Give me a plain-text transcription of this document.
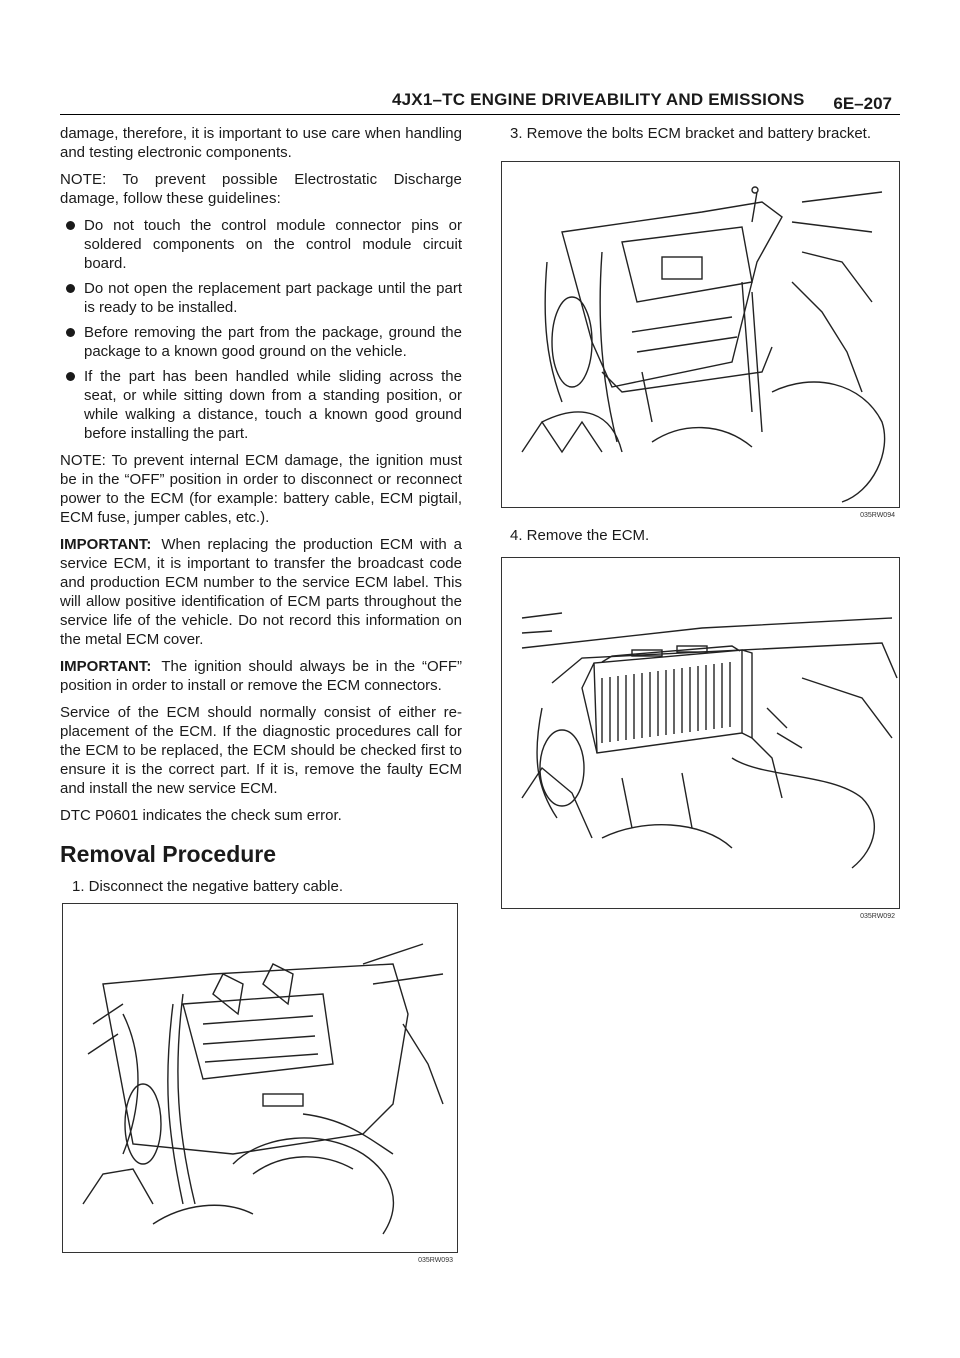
4JX1–TC ENGINE DRIVEABILITY AND EMISSIONS 6E–207

damage, therefore, it is important to use care when handling and testing electronic components.

NOTE: To prevent possible Electrostatic Discharge damage, follow these guidelines:

Do not touch the control module connector pins or soldered components on the control module circuit board.
Do not open the replacement part package until the part is ready to be installed.
Before removing the part from the package, ground the package to a known good ground on the vehicle.
If the part has been handled while sliding across the seat, or while sitting down from a standing position, or while walking a distance, touch a known good ground before installing the part.

NOTE: To prevent internal ECM damage, the ignition must be in the “OFF” position in order to disconnect or reconnect power to the ECM (for example: battery cable, ECM pigtail, ECM fuse, jumper cables, etc.).

IMPORTANT: When replacing the production ECM with a service ECM, it is important to transfer the broadcast code and production ECM number to the service ECM label. This will allow positive identification of ECM parts throughout the service life of the vehicle. Do not record this information on the metal ECM cover.

IMPORTANT: The ignition should always be in the “OFF” position in order to install or remove the ECM connectors.

Service of the ECM should normally consist of either re-placement of the ECM. If the diagnostic procedures call for the ECM to be replaced, the ECM should be checked first to ensure it is the correct part. If it is, remove the faulty ECM and install the new service ECM.

DTC P0601 indicates the check sum error.

Removal Procedure
1. Disconnect the negative battery cable.
3. Remove the bolts ECM bracket and battery bracket.
4. Remove the ECM.
035RW093
035RW094
035RW092
